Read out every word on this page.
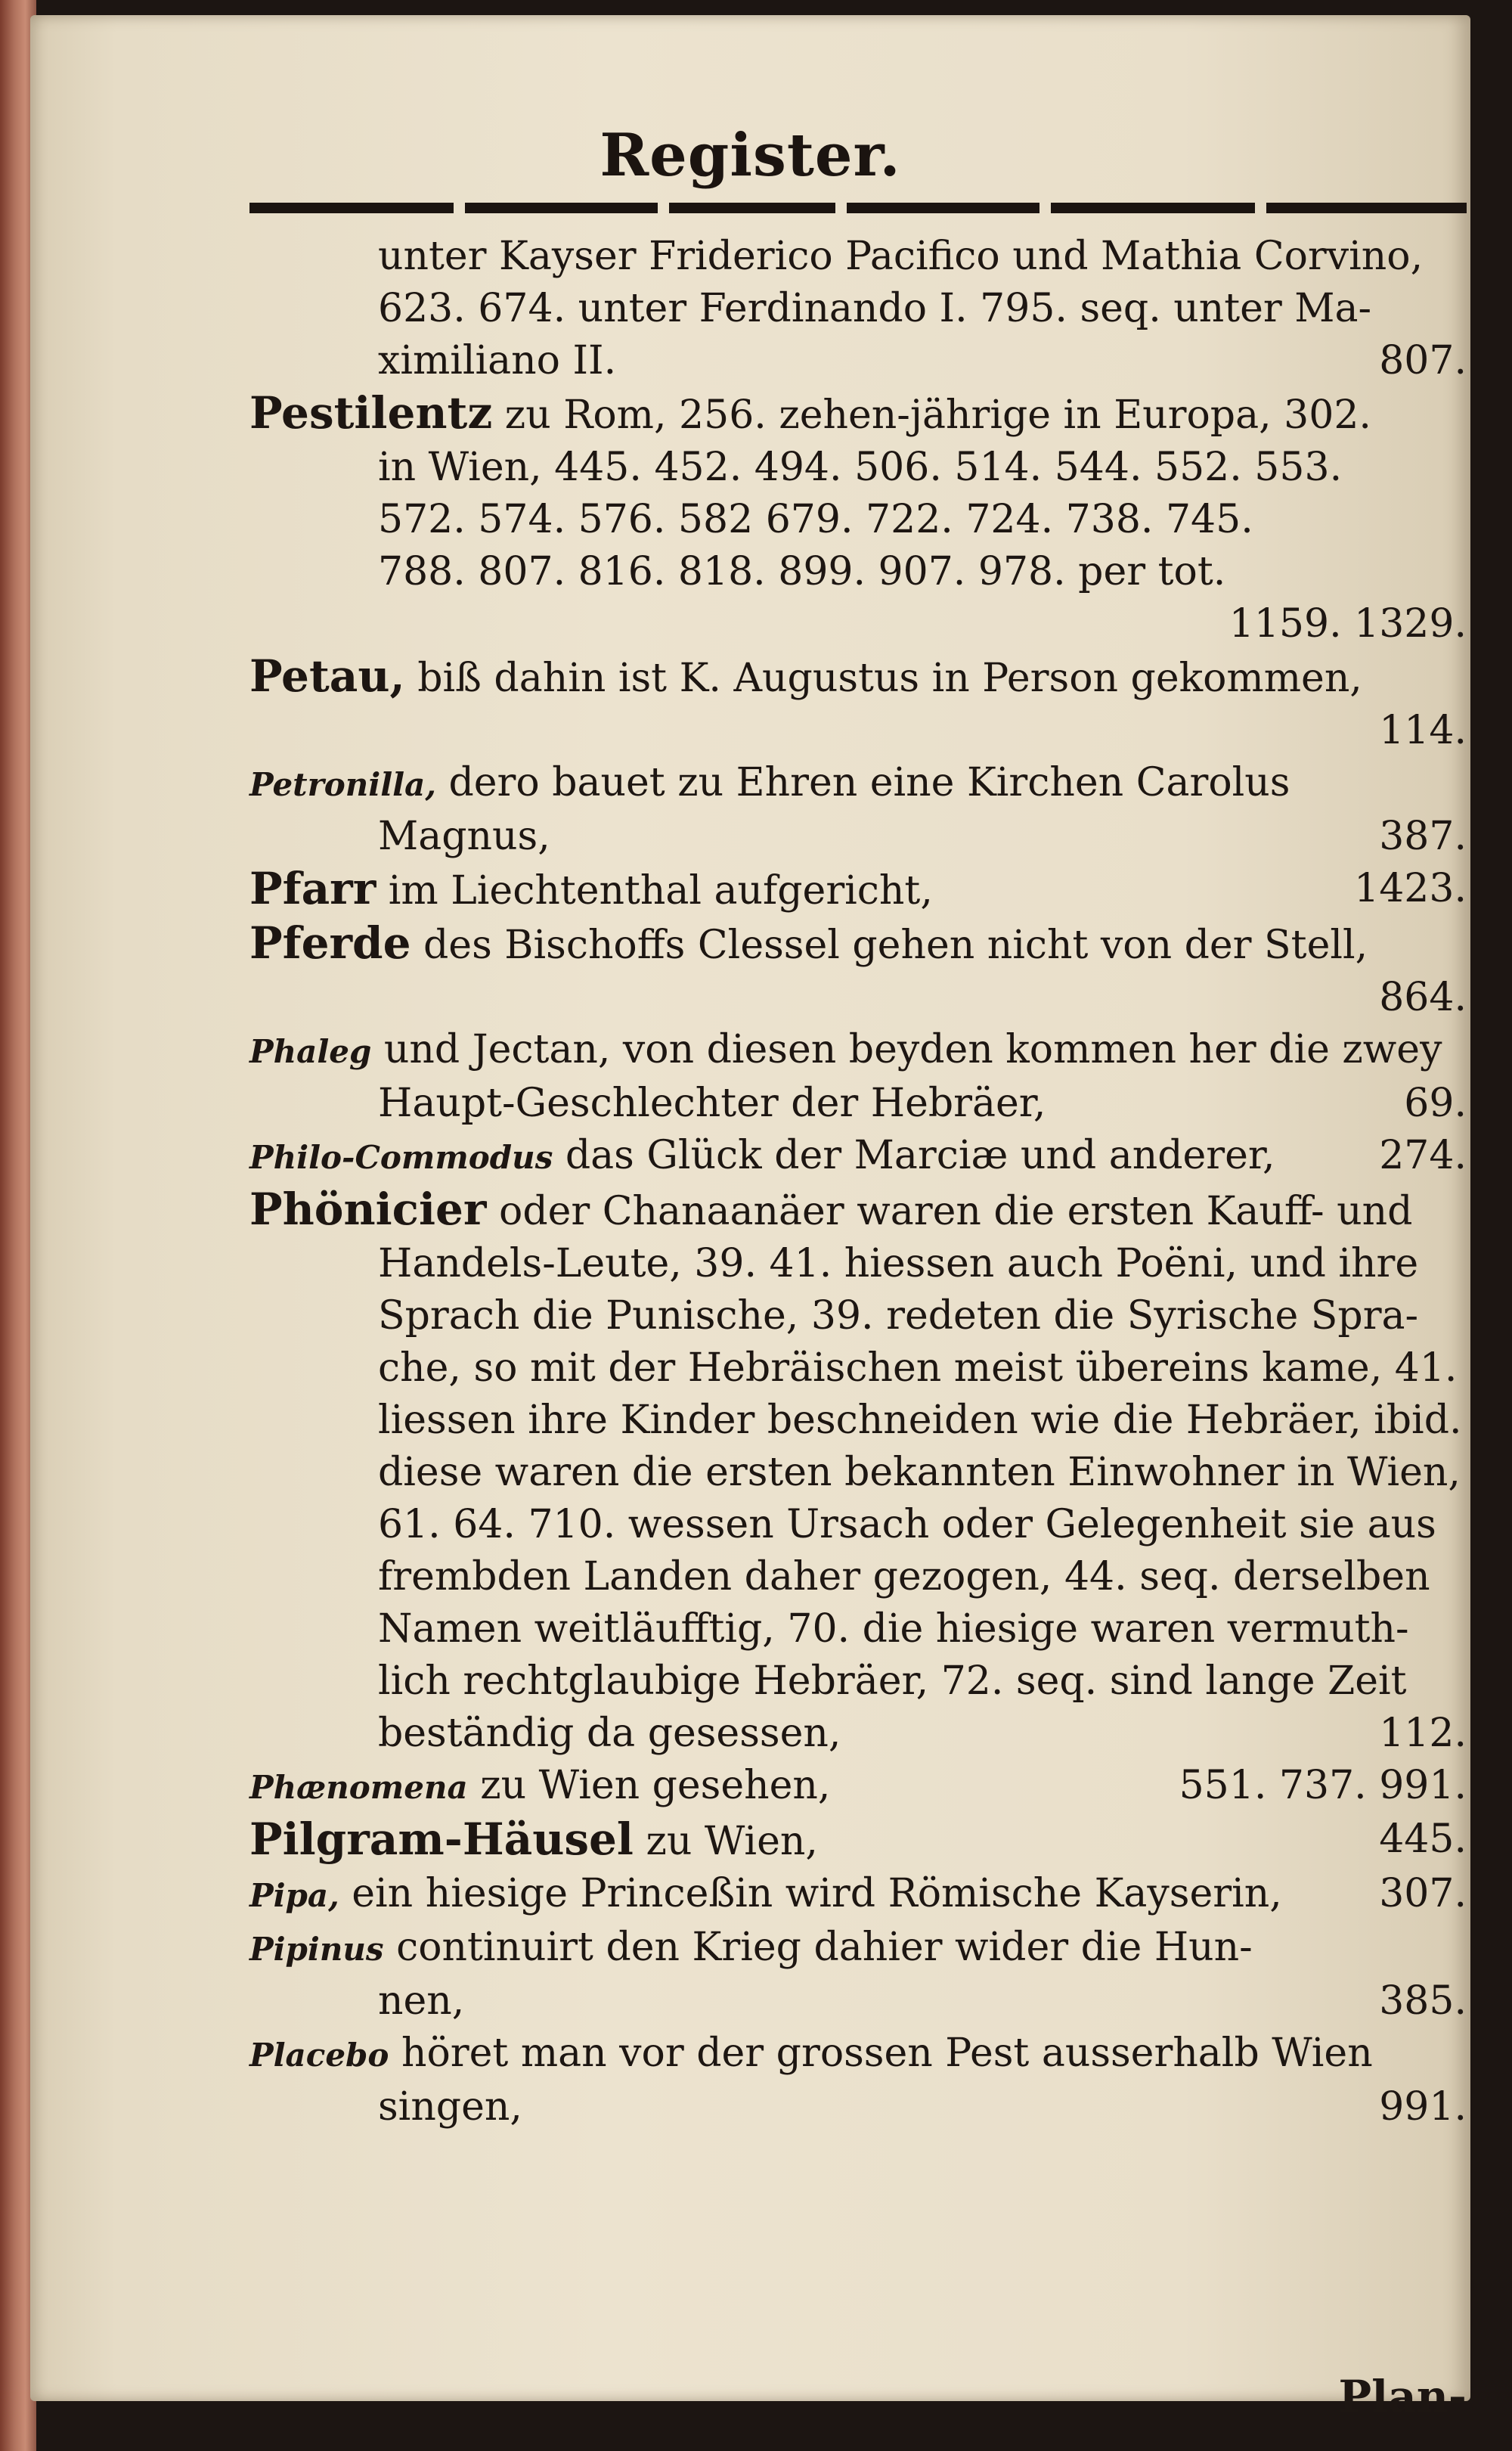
Register.
unter Kayser Friderico Pacifico und Mathia Corvino,
623. 674. unter Ferdinando I. 795. seq. unter Ma-
ximiliano II.	807.
Pestilentz zu Rom, 256. zehen-jährige in Europa, 302.
in Wien, 445. 452. 494. 506. 514. 544. 552. 553.
572. 574. 576. 582 679. 722. 724. 738. 745.
788. 807. 816. 818. 899. 907. 978. per tot.
1159. 1329.
Petau, biß dahin ist K. Augustus in Person gekommen,
114.
Petronilla, dero bauet zu Ehren eine Kirchen Carolus
Magnus,	387.
Pfarr im Liechtenthal aufgericht,	1423.
Pferde des Bischoffs Clessel gehen nicht von der Stell,
864.
Phaleg und Jectan, von diesen beyden kommen her die zwey
Haupt-Geschlechter der Hebräer,	69.
Philo-Commodus das Glück der Marciæ und anderer,	274.
Phönicier oder Chanaanäer waren die ersten Kauff- und
Handels-Leute, 39. 41. hiessen auch Poëni, und ihre
Sprach die Punische, 39. redeten die Syrische Spra-
che, so mit der Hebräischen meist übereins kame, 41.
liessen ihre Kinder beschneiden wie die Hebräer, ibid.
diese waren die ersten bekannten Einwohner in Wien,
61. 64. 710. wessen Ursach oder Gelegenheit sie aus
frembden Landen daher gezogen, 44. seq. derselben
Namen weitläufftig, 70. die hiesige waren vermuth-
lich rechtglaubige Hebräer, 72. seq. sind lange Zeit
beständig da gesessen,	112.
Phænomena zu Wien gesehen,	551. 737. 991.
Pilgram-Häusel zu Wien,	445.
Pipa, ein hiesige Princeßin wird Römische Kayserin, 307.
Pipinus continuirt den Krieg dahier wider die Hun-
nen,	385.
Placebo höret man vor der grossen Pest ausserhalb Wien
singen,	991.
Plan-
